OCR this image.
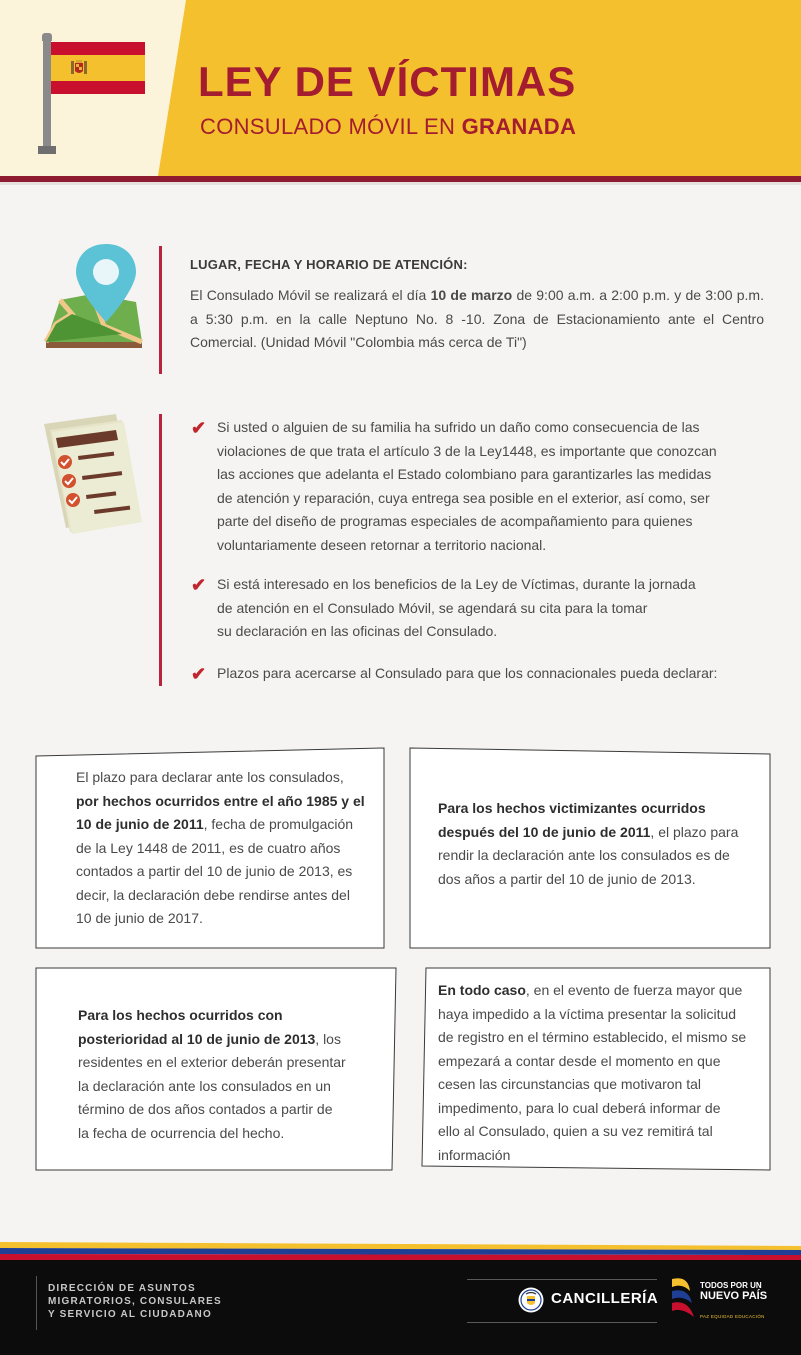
LEY DE VÍCTIMAS
CONSULADO MÓVIL EN GRANADA
LUGAR, FECHA Y HORARIO DE ATENCIÓN:
El Consulado Móvil se realizará el día 10 de marzo de 9:00 a.m. a 2:00 p.m. y de 3:00 p.m. a 5:30 p.m. en la calle Neptuno No. 8 -10. Zona de Estacionamiento ante el Centro Comercial. (Unidad Móvil "Colombia más cerca de Ti")
✔ Si usted o alguien de su familia ha sufrido un daño como consecuencia de las
violaciones de que trata el artículo 3 de la Ley1448, es importante que conozcan
las acciones que adelanta el Estado colombiano para garantizarles las medidas
de atención y reparación, cuya entrega sea posible en el exterior, así como, ser
parte del diseño de programas especiales de acompañamiento para quienes
voluntariamente deseen retornar a territorio nacional.
✔ Si está interesado en los beneficios de la Ley de Víctimas, durante la jornada
de atención en el Consulado Móvil, se agendará su cita para la tomar
su declaración en las oficinas del Consulado.
✔ Plazos para acercarse al Consulado para que los connacionales pueda declarar:
El plazo para declarar ante los consulados,
por hechos ocurridos entre el año 1985 y el
10 de junio de 2011, fecha de promulgación
de la Ley 1448 de 2011, es de cuatro años
contados a partir del 10 de junio de 2013, es
decir, la declaración debe rendirse antes del
10 de junio de 2017.
Para los hechos victimizantes ocurridos
después del 10 de junio de 2011, el plazo para
rendir la declaración ante los consulados es de
dos años a partir del 10 de junio de 2013.
Para los hechos ocurridos con
posterioridad al 10 de junio de 2013, los
residentes en el exterior deberán presentar
la declaración ante los consulados en un
término de dos años contados a partir de
la fecha de ocurrencia del hecho.
En todo caso, en el evento de fuerza mayor que
haya impedido a la víctima presentar la solicitud
de registro en el término establecido, el mismo se
empezará a contar desde el momento en que
cesen las circunstancias que motivaron tal
impedimento, para lo cual deberá informar de
ello al Consulado, quien a su vez remitirá tal
información
DIRECCIÓN DE ASUNTOS
MIGRATORIOS, CONSULARES
Y SERVICIO AL CIUDADANO
CANCILLERÍA
TODOS POR UN
NUEVO PAÍS
PAZ EQUIDAD EDUCACIÓN
